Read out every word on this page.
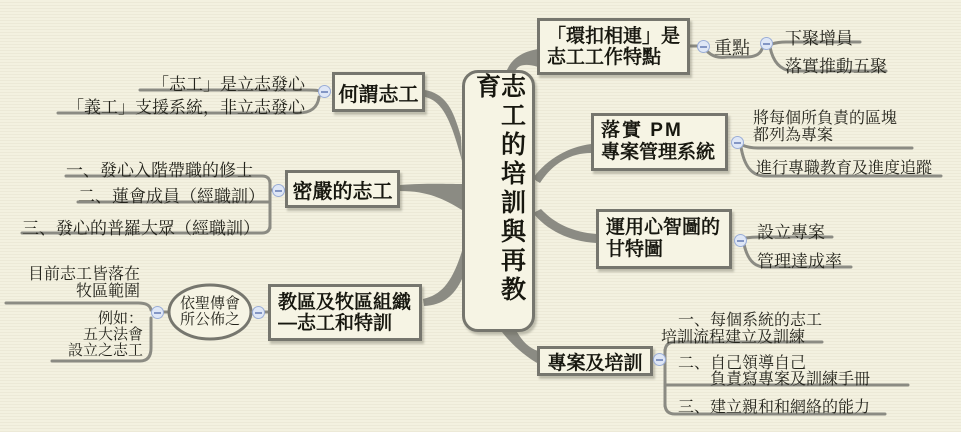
志工的培訓與再教育
何謂志工
密嚴的志工
教區及牧區組織
—志工和特訓
「環扣相連」是
志工工作特點
落實 PM
專案管理系統
運用心智圖的
甘特圖
專案及培訓
依聖傳會
所公佈之
重點
「志工」是立志發心
「義工」支援系統，非立志發心
一、發心入階帶職的修士
二、蓮會成員（經職訓）
三、發心的普羅大眾（經職訓）
目前志工皆落在
牧區範圍
例如：
五大法會
設立之志工
下聚增員
落實推動五聚
將每個所負責的區塊
都列為專案
進行專職教育及進度追蹤
設立專案
管理達成率
一、每個系統的志工
培訓流程建立及訓練
二、自己領導自己
負責寫專案及訓練手冊
三、建立親和和網絡的能力
